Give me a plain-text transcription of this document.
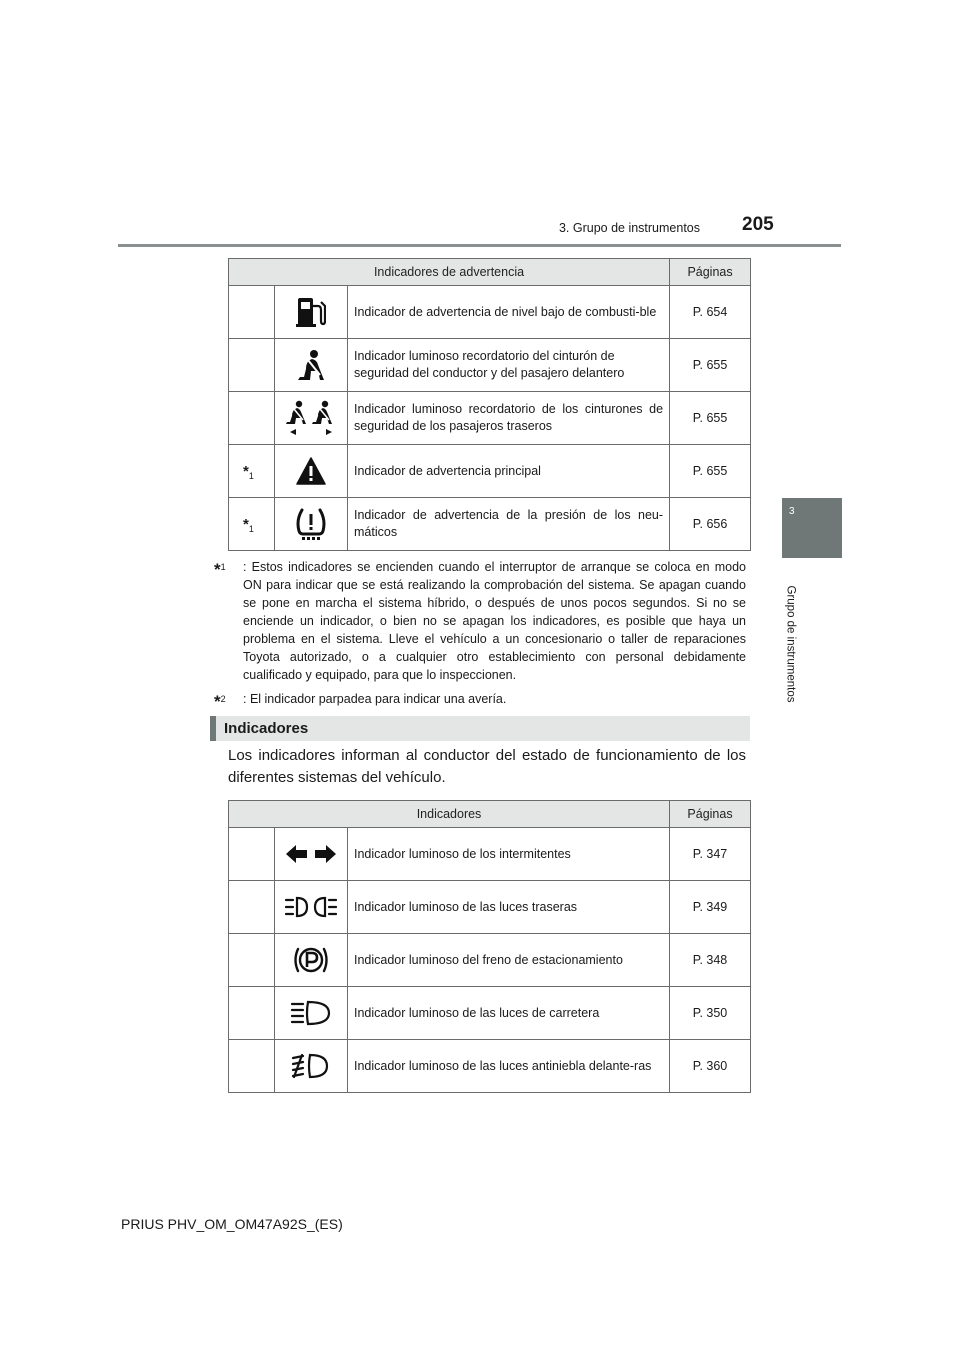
3. Grupo de instrumentos 205
3
Grupo de instrumentos
Indicadores de advertencia			Páginas

	Indicador de advertencia de nivel bajo de combusti-ble	P. 654

	Indicador luminoso recordatorio del cinturón de seguridad del conductor y del pasajero delantero	P. 655

	Indicador luminoso recordatorio de los cinturones de seguridad de los pasajeros traseros	P. 655
$*_1$		Indicador de advertencia principal	P. 655
$*_1$		Indicador de advertencia de la presión de los neu-máticos	P. 656
*$^1$ : Estos indicadores se encienden cuando el interruptor de arranque se coloca en modo ON para indicar que se está realizando la comprobación del sistema. Se apagan cuando se pone en marcha el sistema híbrido, o después de unos pocos segundos. Si no se enciende un indicador, o bien no se apagan los indicadores, es posible que haya un problema en el sistema. Lleve el vehículo a un concesionario o taller de reparaciones Toyota autorizado, o a cualquier otro establecimiento con personal debidamente cualificado y equipado, para que lo inspeccionen.
*$^2$ : El indicador parpadea para indicar una avería.
Indicadores
Los indicadores informan al conductor del estado de funcionamiento de los diferentes sistemas del vehículo.
Indicadores			Páginas

	Indicador luminoso de los intermitentes	P. 347

	Indicador luminoso de las luces traseras	P. 349

	Indicador luminoso del freno de estacionamiento	P. 348

	Indicador luminoso de las luces de carretera	P. 350

	Indicador luminoso de las luces antiniebla delante-ras	P. 360
PRIUS PHV_OM_OM47A92S_(ES)
